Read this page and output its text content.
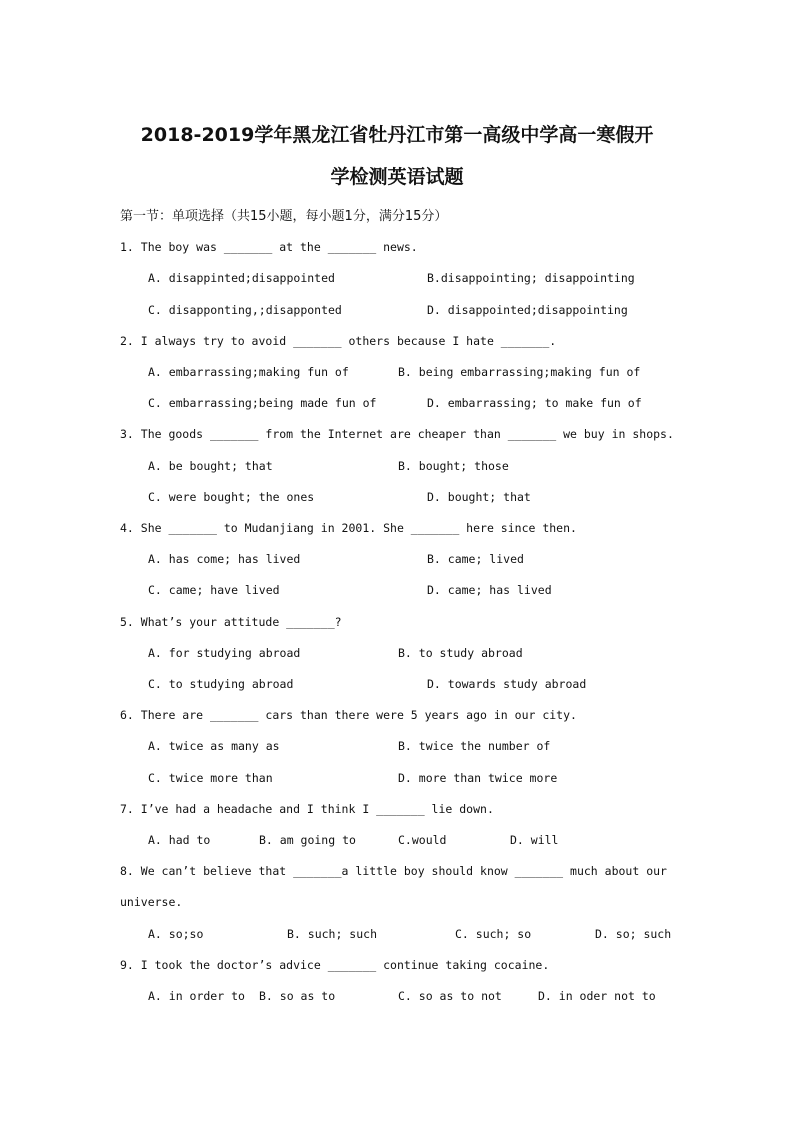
2018-2019学年黑龙江省牡丹江市第一高级中学高一寒假开
学检测英语试题
第一节：单项选择（共15小题，每小题1分，满分15分）
1. The boy was _______ at the _______ news.
A. disappinted;disappointed	B.disappointing; disappointing
C. disapponting,;disapponted	D. disappointed;disappointing
2. I always try to avoid _______ others because I hate _______.
A. embarrassing;making fun of	B. being embarrassing;making fun of
C. embarrassing;being made fun of	D. embarrassing; to make fun of
3. The goods _______ from the Internet are cheaper than _______ we buy in shops.
A. be bought; that	B. bought; those
C. were bought; the ones	D. bought; that
4. She _______ to Mudanjiang in 2001. She _______ here since then.
A. has come; has lived	B. came; lived
C. came; have lived	D. came; has lived
5. What’s your attitude _______?
A. for studying abroad	B. to study abroad
C. to studying abroad	D. towards study abroad
6. There are _______ cars than there were 5 years ago in our city.
A. twice as many as	B. twice the number of
C. twice more than	D. more than twice more
7. I’ve had a headache and I think I _______ lie down.
A. had to	B. am going to	C.would	D. will
8. We can’t believe that _______a little boy should know _______ much about our
universe.
A. so;so	B. such; such	C. such; so	D. so; such
9. I took the doctor’s advice _______ continue taking cocaine.
A. in order to B. so as to	C. so as to not	D. in oder not to
